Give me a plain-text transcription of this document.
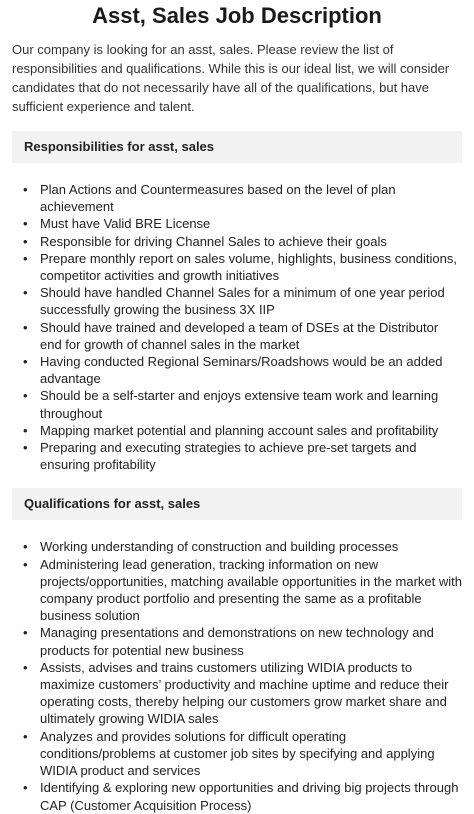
Asst, Sales Job Description

Our company is looking for an asst, sales. Please review the list of responsibilities and qualifications. While this is our ideal list, we will consider candidates that do not necessarily have all of the qualifications, but have sufficient experience and talent.

Responsibilities for asst, sales
• Plan Actions and Countermeasures based on the level of plan achievement
• Must have Valid BRE License
• Responsible for driving Channel Sales to achieve their goals
• Prepare monthly report on sales volume, highlights, business conditions, competitor activities and growth initiatives
• Should have handled Channel Sales for a minimum of one year period successfully growing the business 3X IIP
• Should have trained and developed a team of DSEs at the Distributor end for growth of channel sales in the market
• Having conducted Regional Seminars/Roadshows would be an added advantage
• Should be a self-starter and enjoys extensive team work and learning throughout
• Mapping market potential and planning account sales and profitability
• Preparing and executing strategies to achieve pre-set targets and ensuring profitability
Qualifications for asst, sales
• Working understanding of construction and building processes
• Administering lead generation, tracking information on new projects/opportunities, matching available opportunities in the market with company product portfolio and presenting the same as a profitable business solution
• Managing presentations and demonstrations on new technology and products for potential new business
• Assists, advises and trains customers utilizing WIDIA products to maximize customers’ productivity and machine uptime and reduce their operating costs, thereby helping our customers grow market share and ultimately growing WIDIA sales
• Analyzes and provides solutions for difficult operating conditions/problems at customer job sites by specifying and applying WIDIA product and services
• Identifying & exploring new opportunities and driving big projects through CAP (Customer Acquisition Process)
